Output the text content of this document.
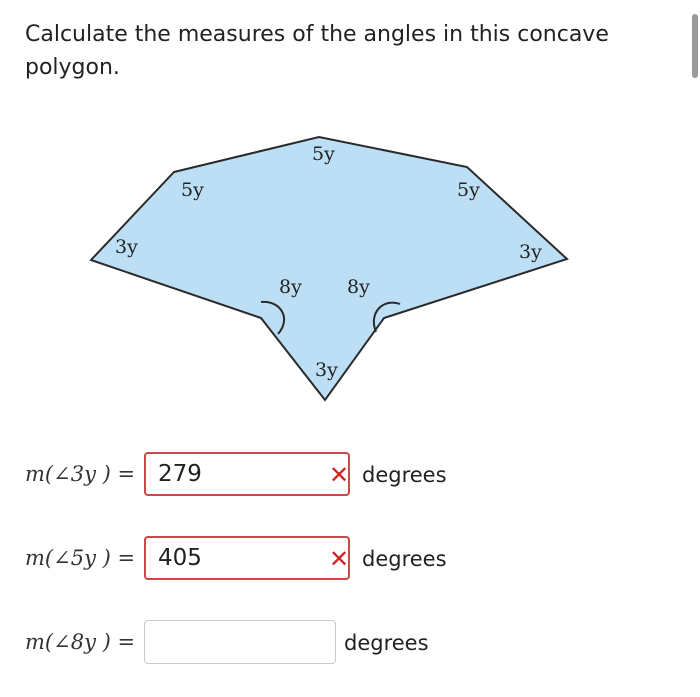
Calculate the measures of the angles in this concave polygon.
5y
5y	5y
3y	3y
8y 8y
3y
m(∠3y ) =
279	✕ degrees
m(∠5y ) =
405	✕ degrees
m(∠8y ) =	degrees
